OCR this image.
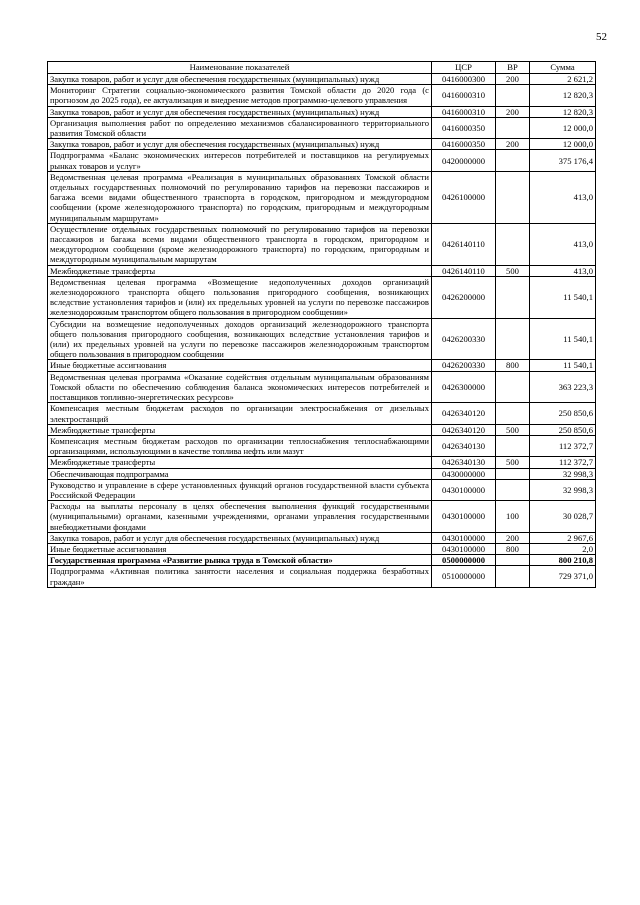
52
Наименование показателей	ЦСР	ВР	Сумма
Закупка товаров, работ и услуг для обеспечения государственных (муниципальных) нужд	0416000300	200	2 621,2
Мониторинг Стратегии социально-экономического развития Томской области до 2020 года (с прогнозом до 2025 года), ее актуализация и внедрение методов программно-целевого управления	0416000310		12 820,3
Закупка товаров, работ и услуг для обеспечения государственных (муниципальных) нужд	0416000310	200	12 820,3
Организация выполнения работ по определению механизмов сбалансированного территориального развития Томской области	0416000350		12 000,0
Закупка товаров, работ и услуг для обеспечения государственных (муниципальных) нужд	0416000350	200	12 000,0
Подпрограмма «Баланс экономических интересов потребителей и поставщиков на регулируемых рынках товаров и услуг»	0420000000		375 176,4
Ведомственная целевая программа «Реализация в муниципальных образованиях Томской области отдельных государственных полномочий по регулированию тарифов на перевозки пассажиров и багажа всеми видами общественного транспорта в городском, пригородном и междугородном сообщении (кроме железнодорожного транспорта) по городским, пригородным и междугородным муниципальным маршрутам»	0426100000		413,0
Осуществление отдельных государственных полномочий по регулированию тарифов на перевозки пассажиров и багажа всеми видами общественного транспорта в городском, пригородном и междугородном сообщении (кроме железнодорожного транспорта) по городским, пригородным и междугородным муниципальным маршрутам	0426140110		413,0
Межбюджетные трансферты	0426140110	500	413,0
Ведомственная целевая программа «Возмещение недополученных доходов организаций железнодорожного транспорта общего пользования пригородного сообщения, возникающих вследствие установления тарифов и (или) их предельных уровней на услуги по перевозке пассажиров железнодорожным транспортом общего пользования в пригородном сообщении»	0426200000		11 540,1
Субсидии на возмещение недополученных доходов организаций железнодорожного транспорта общего пользования пригородного сообщения, возникающих вследствие установления тарифов и (или) их предельных уровней на услуги по перевозке пассажиров железнодорожным транспортом общего пользования в пригородном сообщении	0426200330		11 540,1
Иные бюджетные ассигнования	0426200330	800	11 540,1
Ведомственная целевая программа «Оказание содействия отдельным муниципальным образованиям Томской области по обеспечению соблюдения баланса экономических интересов потребителей и поставщиков топливно-энергетических ресурсов»	0426300000		363 223,3
Компенсация местным бюджетам расходов по организации электроснабжения от дизельных электростанций	0426340120		250 850,6
Межбюджетные трансферты	0426340120	500	250 850,6
Компенсация местным бюджетам расходов по организации теплоснабжения теплоснабжающими организациями, использующими в качестве топлива нефть или мазут	0426340130		112 372,7
Межбюджетные трансферты	0426340130	500	112 372,7
Обеспечивающая подпрограмма	0430000000		32 998,3
Руководство и управление в сфере установленных функций органов государственной власти субъекта Российской Федерации	0430100000		32 998,3
Расходы на выплаты персоналу в целях обеспечения выполнения функций государственными (муниципальными) органами, казенными учреждениями, органами управления государственными внебюджетными фондами	0430100000	100	30 028,7
Закупка товаров, работ и услуг для обеспечения государственных (муниципальных) нужд	0430100000	200	2 967,6
Иные бюджетные ассигнования	0430100000	800	2,0
Государственная программа «Развитие рынка труда в Томской области»	0500000000		800 210,8
Подпрограмма «Активная политика занятости населения и социальная поддержка безработных граждан»	0510000000		729 371,0
